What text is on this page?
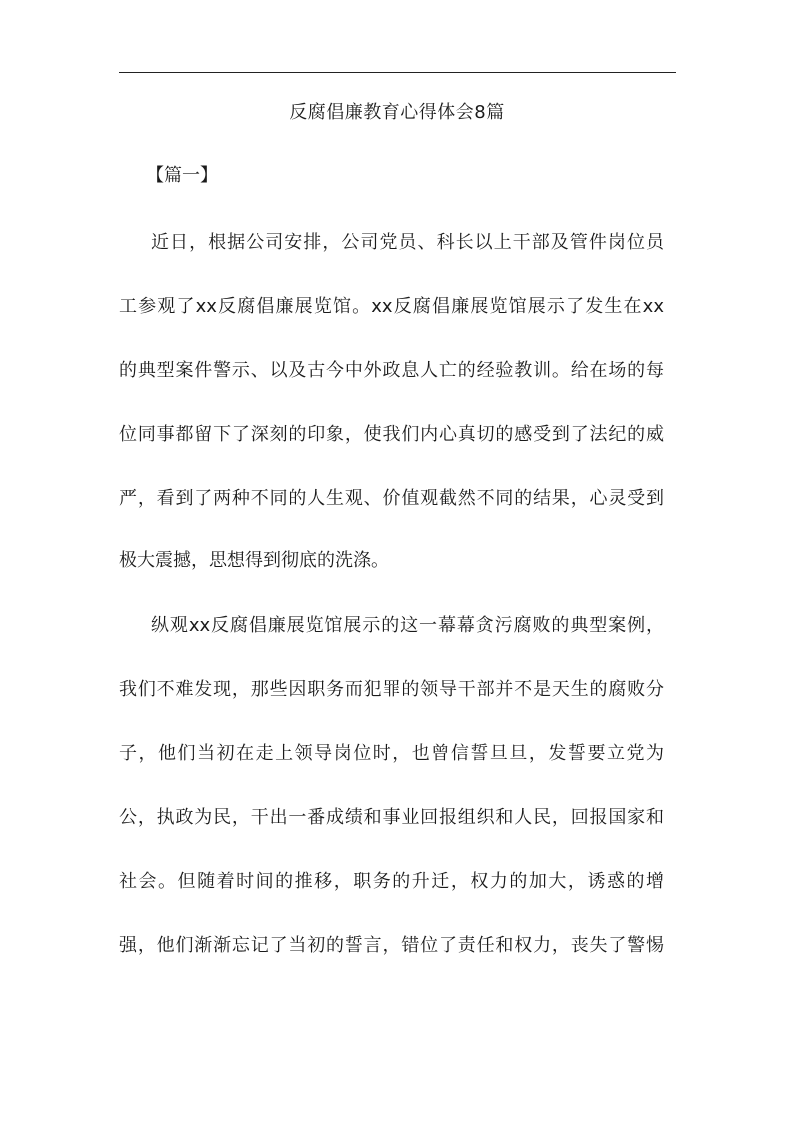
反腐倡廉教育心得体会8篇
【篇一】
近日，根据公司安排，公司党员、科长以上干部及管件岗位员
工参观了xx反腐倡廉展览馆。xx反腐倡廉展览馆展示了发生在xx
的典型案件警示、以及古今中外政息人亡的经验教训。给在场的每
位同事都留下了深刻的印象，使我们内心真切的感受到了法纪的威
严，看到了两种不同的人生观、价值观截然不同的结果，心灵受到
极大震撼，思想得到彻底的洗涤。
纵观xx反腐倡廉展览馆展示的这一幕幕贪污腐败的典型案例，
我们不难发现，那些因职务而犯罪的领导干部并不是天生的腐败分
子，他们当初在走上领导岗位时，也曾信誓旦旦，发誓要立党为
公，执政为民，干出一番成绩和事业回报组织和人民，回报国家和
社会。但随着时间的推移，职务的升迁，权力的加大，诱惑的增
强，他们渐渐忘记了当初的誓言，错位了责任和权力，丧失了警惕
